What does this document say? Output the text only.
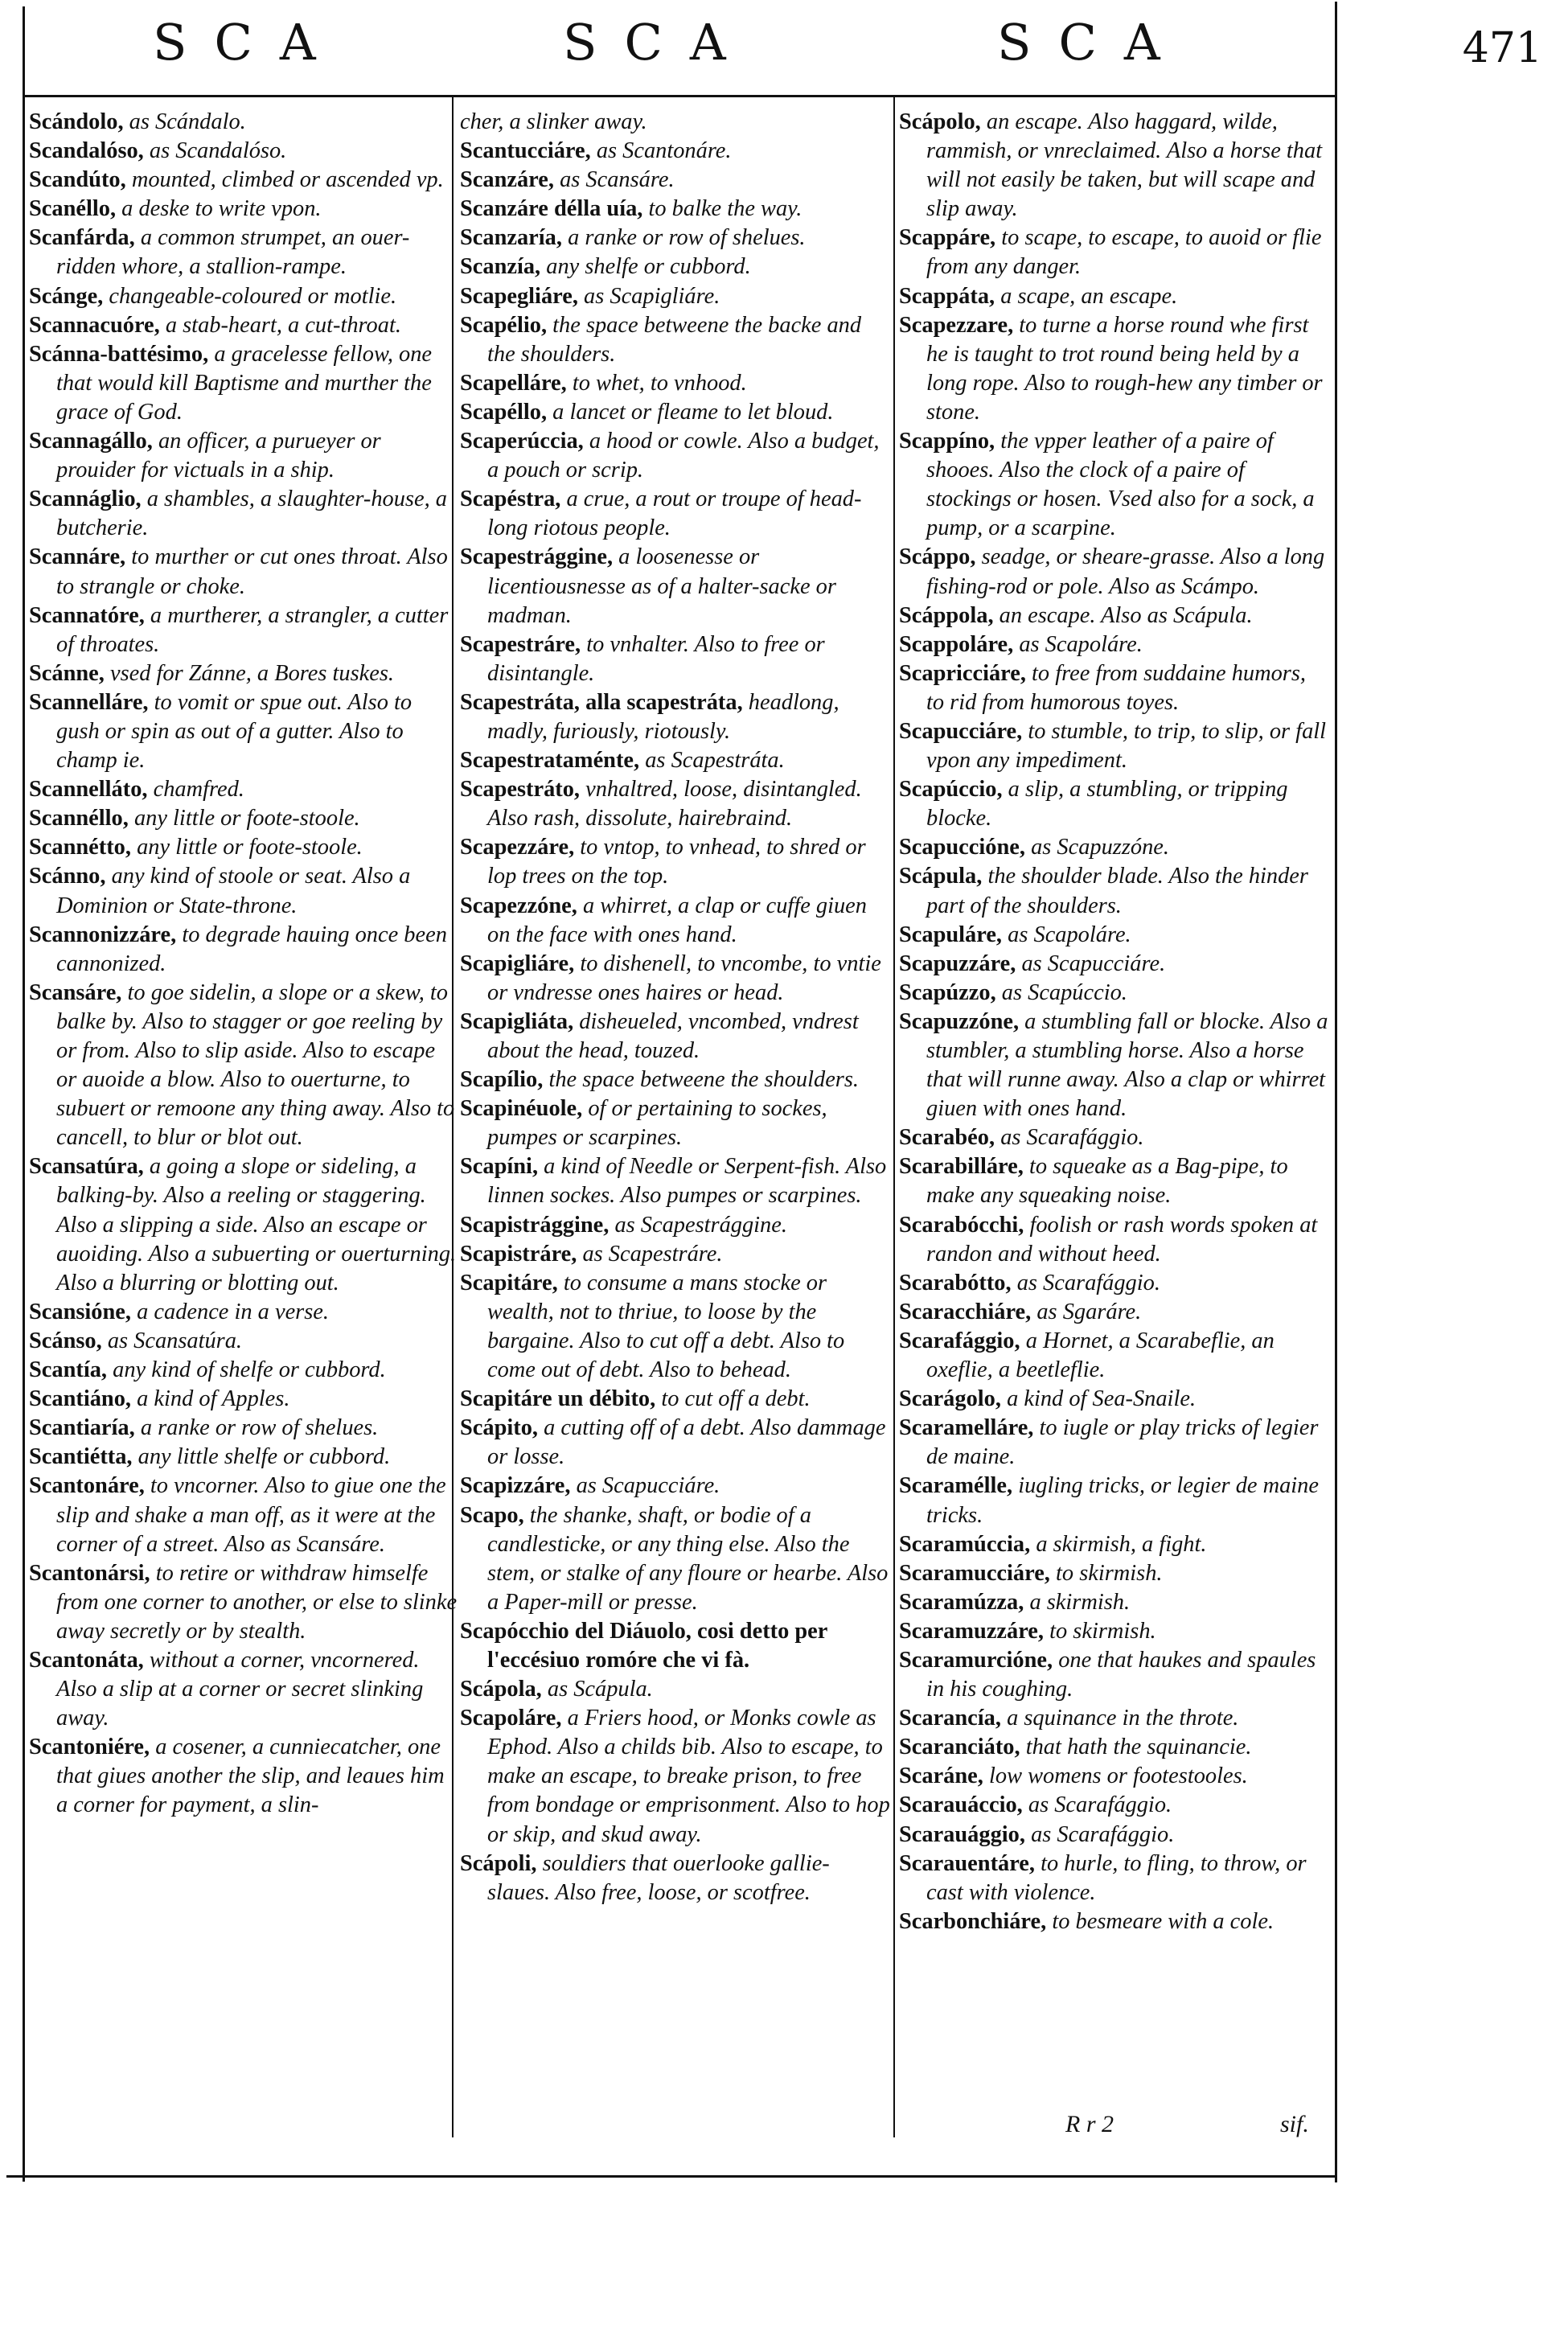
SCA	SCA	SCA	471

Scándolo, as Scándalo.

Scandalóso, as Scandalóso.

Scandúto, mounted, climbed or ascended vp.

Scanéllo, a deske to write vpon.

Scanfárda, a common strumpet, an ouer-ridden whore, a stallion-rampe.

Scánge, changeable-coloured or motlie.

Scannacuóre, a stab-heart, a cut-throat.

Scánna-battésimo, a gracelesse fellow, one that would kill Baptisme and murther the grace of God.

Scannagállo, an officer, a purueyer or prouider for victuals in a ship.

Scannáglio, a shambles, a slaughter-house, a butcherie.

Scannáre, to murther or cut ones throat. Also to strangle or choke.

Scannatóre, a murtherer, a strangler, a cutter of throates.

Scánne, vsed for Zánne, a Bores tuskes.

Scannelláre, to vomit or spue out. Also to gush or spin as out of a gutter. Also to champ ie.

Scannelláto, chamfred.

Scannéllo, any little or foote-stoole.

Scannétto, any little or foote-stoole.

Scánno, any kind of stoole or seat. Also a Dominion or State-throne.

Scannonizzáre, to degrade hauing once been cannonized.

Scansáre, to goe sidelin, a slope or a skew, to balke by. Also to stagger or goe reeling by or from. Also to slip aside. Also to escape or auoide a blow. Also to ouerturne, to subuert or remoone any thing away. Also to cancell, to blur or blot out.

Scansatúra, a going a slope or sideling, a balking-by. Also a reeling or staggering. Also a slipping a side. Also an escape or auoiding. Also a subuerting or ouerturning. Also a blurring or blotting out.

Scansióne, a cadence in a verse.

Scánso, as Scansatúra.

Scantía, any kind of shelfe or cubbord.

Scantiáno, a kind of Apples.

Scantiaría, a ranke or row of shelues.

Scantiétta, any little shelfe or cubbord.

Scantonáre, to vncorner. Also to giue one the slip and shake a man off, as it were at the corner of a street. Also as Scansáre.

Scantonársi, to retire or withdraw himselfe from one corner to another, or else to slinke away secretly or by stealth.

Scantonáta, without a corner, vncornered. Also a slip at a corner or secret slinking away.

Scantoniére, a cosener, a cunniecatcher, one that giues another the slip, and leaues him a corner for payment, a slin-

cher, a slinker away.

Scantucciáre, as Scantonáre.

Scanzáre, as Scansáre.

Scanzáre délla uía, to balke the way.

Scanzaría, a ranke or row of shelues.

Scanzía, any shelfe or cubbord.

Scapegliáre, as Scapigliáre.

Scapélio, the space betweene the backe and the shoulders.

Scapelláre, to whet, to vnhood.

Scapéllo, a lancet or fleame to let bloud.

Scaperúccia, a hood or cowle. Also a budget, a pouch or scrip.

Scapéstra, a crue, a rout or troupe of head-long riotous people.

Scapestrággine, a loosenesse or licentiousnesse as of a halter-sacke or madman.

Scapestráre, to vnhalter. Also to free or disintangle.

Scapestráta, alla scapestráta, headlong, madly, furiously, riotously.

Scapestrataménte, as Scapestráta.

Scapestráto, vnhaltred, loose, disintangled. Also rash, dissolute, hairebraind.

Scapezzáre, to vntop, to vnhead, to shred or lop trees on the top.

Scapezzóne, a whirret, a clap or cuffe giuen on the face with ones hand.

Scapigliáre, to dishenell, to vncombe, to vntie or vndresse ones haires or head.

Scapigliáta, disheueled, vncombed, vndrest about the head, touzed.

Scapílio, the space betweene the shoulders.

Scapinéuole, of or pertaining to sockes, pumpes or scarpines.

Scapíni, a kind of Needle or Serpent-fish. Also linnen sockes. Also pumpes or scarpines.

Scapistrággine, as Scapestrággine.

Scapistráre, as Scapestráre.

Scapitáre, to consume a mans stocke or wealth, not to thriue, to loose by the bargaine. Also to cut off a debt. Also to come out of debt. Also to behead.

Scapitáre un débito, to cut off a debt.

Scápito, a cutting off of a debt. Also dammage or losse.

Scapizzáre, as Scapucciáre.

Scapo, the shanke, shaft, or bodie of a candlesticke, or any thing else. Also the stem, or stalke of any floure or hearbe. Also a Paper-mill or presse.

Scapócchio del Diáuolo, cosi detto per l'eccésiuo romóre che vi fà.

Scápola, as Scápula.

Scapoláre, a Friers hood, or Monks cowle as Ephod. Also a childs bib. Also to escape, to make an escape, to breake prison, to free from bondage or emprisonment. Also to hop or skip, and skud away.

Scápoli, souldiers that ouerlooke gallie-slaues. Also free, loose, or scotfree.

Scápolo, an escape. Also haggard, wilde, rammish, or vnreclaimed. Also a horse that will not easily be taken, but will scape and slip away.

Scappáre, to scape, to escape, to auoid or flie from any danger.

Scappáta, a scape, an escape.

Scapezzare, to turne a horse round whe first he is taught to trot round being held by a long rope. Also to rough-hew any timber or stone.

Scappíno, the vpper leather of a paire of shooes. Also the clock of a paire of stockings or hosen. Vsed also for a sock, a pump, or a scarpine.

Scáppo, seadge, or sheare-grasse. Also a long fishing-rod or pole. Also as Scámpo.

Scáppola, an escape. Also as Scápula.

Scappoláre, as Scapoláre.

Scapricciáre, to free from suddaine humors, to rid from humorous toyes.

Scapucciáre, to stumble, to trip, to slip, or fall vpon any impediment.

Scapúccio, a slip, a stumbling, or tripping blocke.

Scapuccióne, as Scapuzzóne.

Scápula, the shoulder blade. Also the hinder part of the shoulders.

Scapuláre, as Scapoláre.

Scapuzzáre, as Scapucciáre.

Scapúzzo, as Scapúccio.

Scapuzzóne, a stumbling fall or blocke. Also a stumbler, a stumbling horse. Also a horse that will runne away. Also a clap or whirret giuen with ones hand.

Scarabéo, as Scarafággio.

Scarabilláre, to squeake as a Bag-pipe, to make any squeaking noise.

Scarabócchi, foolish or rash words spoken at randon and without heed.

Scarabótto, as Scarafággio.

Scaracchiáre, as Sgaráre.

Scarafággio, a Hornet, a Scarabeflie, an oxeflie, a beetleflie.

Scarágolo, a kind of Sea-Snaile.

Scaramelláre, to iugle or play tricks of legier de maine.

Scaramélle, iugling tricks, or legier de maine tricks.

Scaramúccia, a skirmish, a fight.

Scaramucciáre, to skirmish.

Scaramúzza, a skirmish.

Scaramuzzáre, to skirmish.

Scaramurcióne, one that haukes and spaules in his coughing.

Scarancía, a squinance in the throte.

Scaranciáto, that hath the squinancie.

Scaráne, low womens or footestooles.

Scarauáccio, as Scarafággio.

Scarauággio, as Scarafággio.

Scarauentáre, to hurle, to fling, to throw, or cast with violence.

Scarbonchiáre, to besmeare with a cole.

R r 2	sif.
